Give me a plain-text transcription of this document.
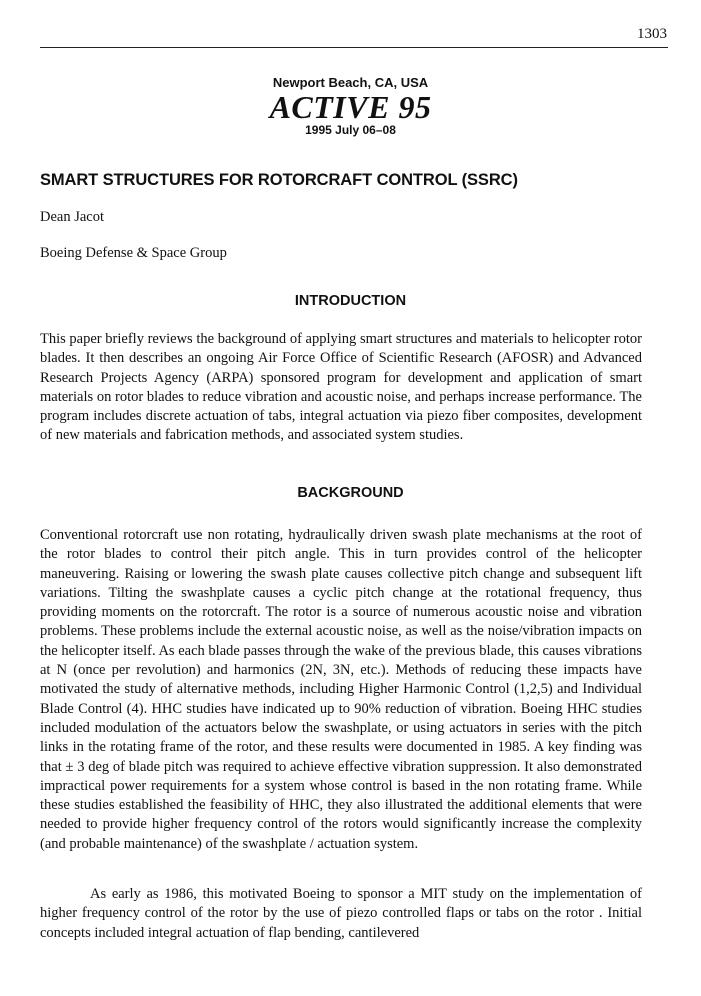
1303
Newport Beach, CA, USA
ACTIVE 95
1995 July 06–08
SMART STRUCTURES FOR ROTORCRAFT CONTROL (SSRC)
Dean Jacot
Boeing Defense & Space Group
INTRODUCTION

This paper briefly reviews the background of applying smart structures and materials to helicopter rotor blades. It then describes an ongoing Air Force Office of Scientific Research (AFOSR) and Advanced Research Projects Agency (ARPA) sponsored program for development and application of smart materials on rotor blades to reduce vibration and acoustic noise, and perhaps increase performance. The program includes discrete actuation of tabs, integral actuation via piezo fiber composites, development of new materials and fabrication methods, and associated system studies.

BACKGROUND

Conventional rotorcraft use non rotating, hydraulically driven swash plate mechanisms at the root of the rotor blades to control their pitch angle. This in turn provides control of the helicopter maneuvering. Raising or lowering the swash plate causes collective pitch change and subsequent lift variations. Tilting the swashplate causes a cyclic pitch change at the rotational frequency, thus providing moments on the rotorcraft. The rotor is a source of numerous acoustic noise and vibration problems. These problems include the external acoustic noise, as well as the noise/vibration impacts on the helicopter itself. As each blade passes through the wake of the previous blade, this causes vibrations at N (once per revolution) and harmonics (2N, 3N, etc.). Methods of reducing these impacts have motivated the study of alternative methods, including Higher Harmonic Control (1,2,5) and Individual Blade Control (4). HHC studies have indicated up to 90% reduction of vibration. Boeing HHC studies included modulation of the actuators below the swashplate, or using actuators in series with the pitch links in the rotating frame of the rotor, and these results were documented in 1985. A key finding was that ± 3 deg of blade pitch was required to achieve effective vibration suppression. It also demonstrated impractical power requirements for a system whose control is based in the non rotating frame. While these studies established the feasibility of HHC, they also illustrated the additional elements that were needed to provide higher frequency control of the rotors would significantly increase the complexity (and probable maintenance) of the swashplate / actuation system.

As early as 1986, this motivated Boeing to sponsor a MIT study on the implementation of higher frequency control of the rotor by the use of piezo controlled flaps or tabs on the rotor . Initial concepts included integral actuation of flap bending, cantilevered
